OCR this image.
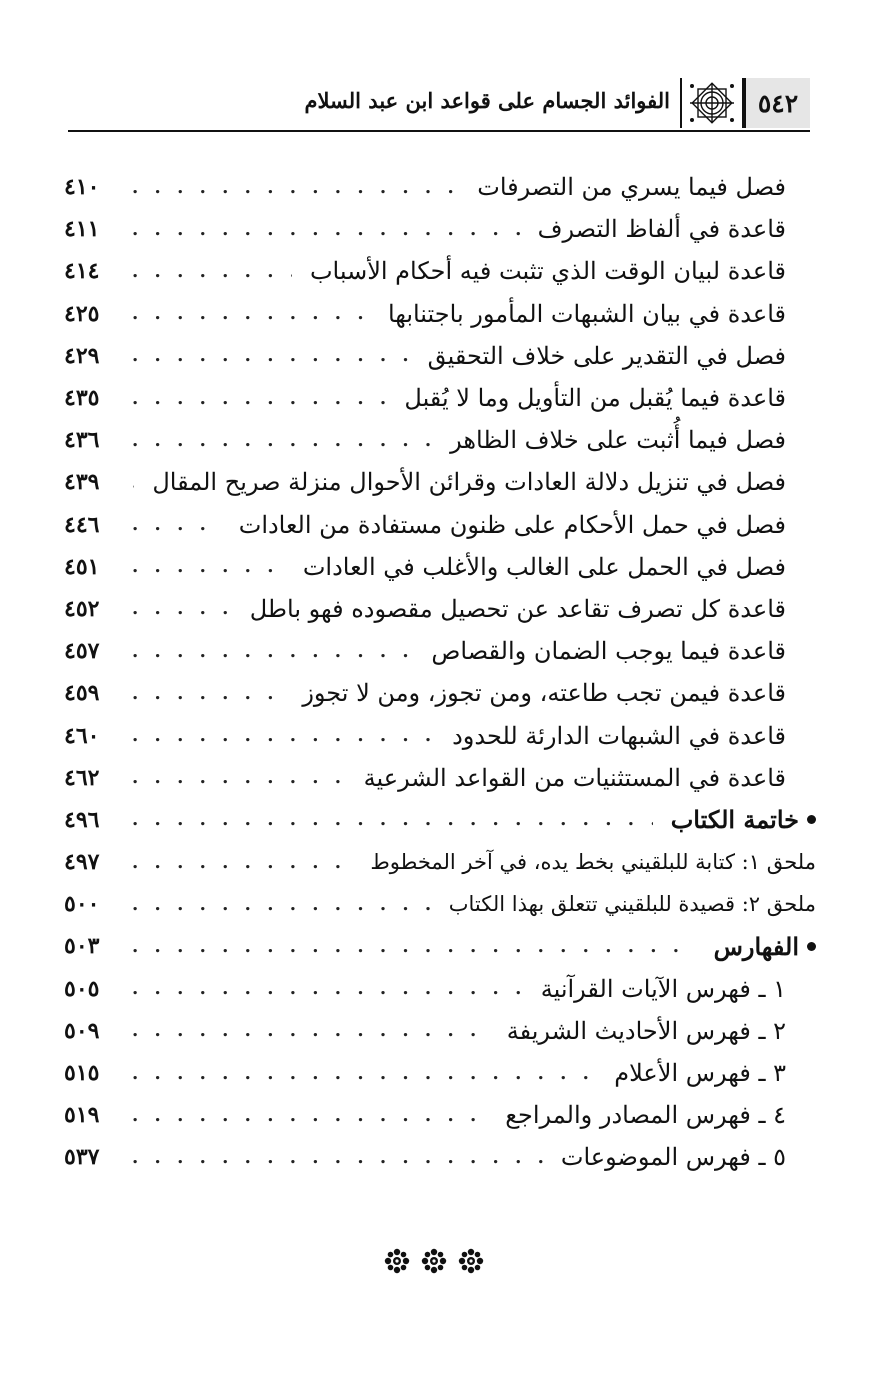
٥٤٢
الفوائد الجسام على قواعد ابن عبد السلام
فصل فيما يسري من التصرفات
. . .
٤١٠
قاعدة في ألفاظ التصرف
. . .
٤١١
قاعدة لبيان الوقت الذي تثبت فيه أحكام الأسباب
. . .
٤١٤
قاعدة في بيان الشبهات المأمور باجتنابها
. . .
٤٢٥
فصل في التقدير على خلاف التحقيق
. . .
٤٢٩
قاعدة فيما يُقبل من التأويل وما لا يُقبل
. . .
٤٣٥
فصل فيما أُثبت على خلاف الظاهر
. . .
٤٣٦
فصل في تنزيل دلالة العادات وقرائن الأحوال منزلة صريح المقال
. . .
٤٣٩
فصل في حمل الأحكام على ظنون مستفادة من العادات
. . .
٤٤٦
فصل في الحمل على الغالب والأغلب في العادات
. . .
٤٥١
قاعدة كل تصرف تقاعد عن تحصيل مقصوده فهو باطل
. . .
٤٥٢
قاعدة فيما يوجب الضمان والقصاص
. . .
٤٥٧
قاعدة فيمن تجب طاعته، ومن تجوز، ومن لا تجوز
. . .
٤٥٩
قاعدة في الشبهات الدارئة للحدود
. . .
٤٦٠
قاعدة في المستثنيات من القواعد الشرعية
. . .
٤٦٢
خاتمة الكتاب
. . .
٤٩٦
ملحق ١: كتابة للبلقيني بخط يده، في آخر المخطوط
. . .
٤٩٧
ملحق ٢: قصيدة للبلقيني تتعلق بهذا الكتاب
. . .
٥٠٠
الفهارس
. . .
٥٠٣
١ ـ فهرس الآيات القرآنية
. . .
٥٠٥
٢ ـ فهرس الأحاديث الشريفة
. . .
٥٠٩
٣ ـ فهرس الأعلام
. . .
٥١٥
٤ ـ فهرس المصادر والمراجع
. . .
٥١٩
٥ ـ فهرس الموضوعات
. . .
٥٣٧
